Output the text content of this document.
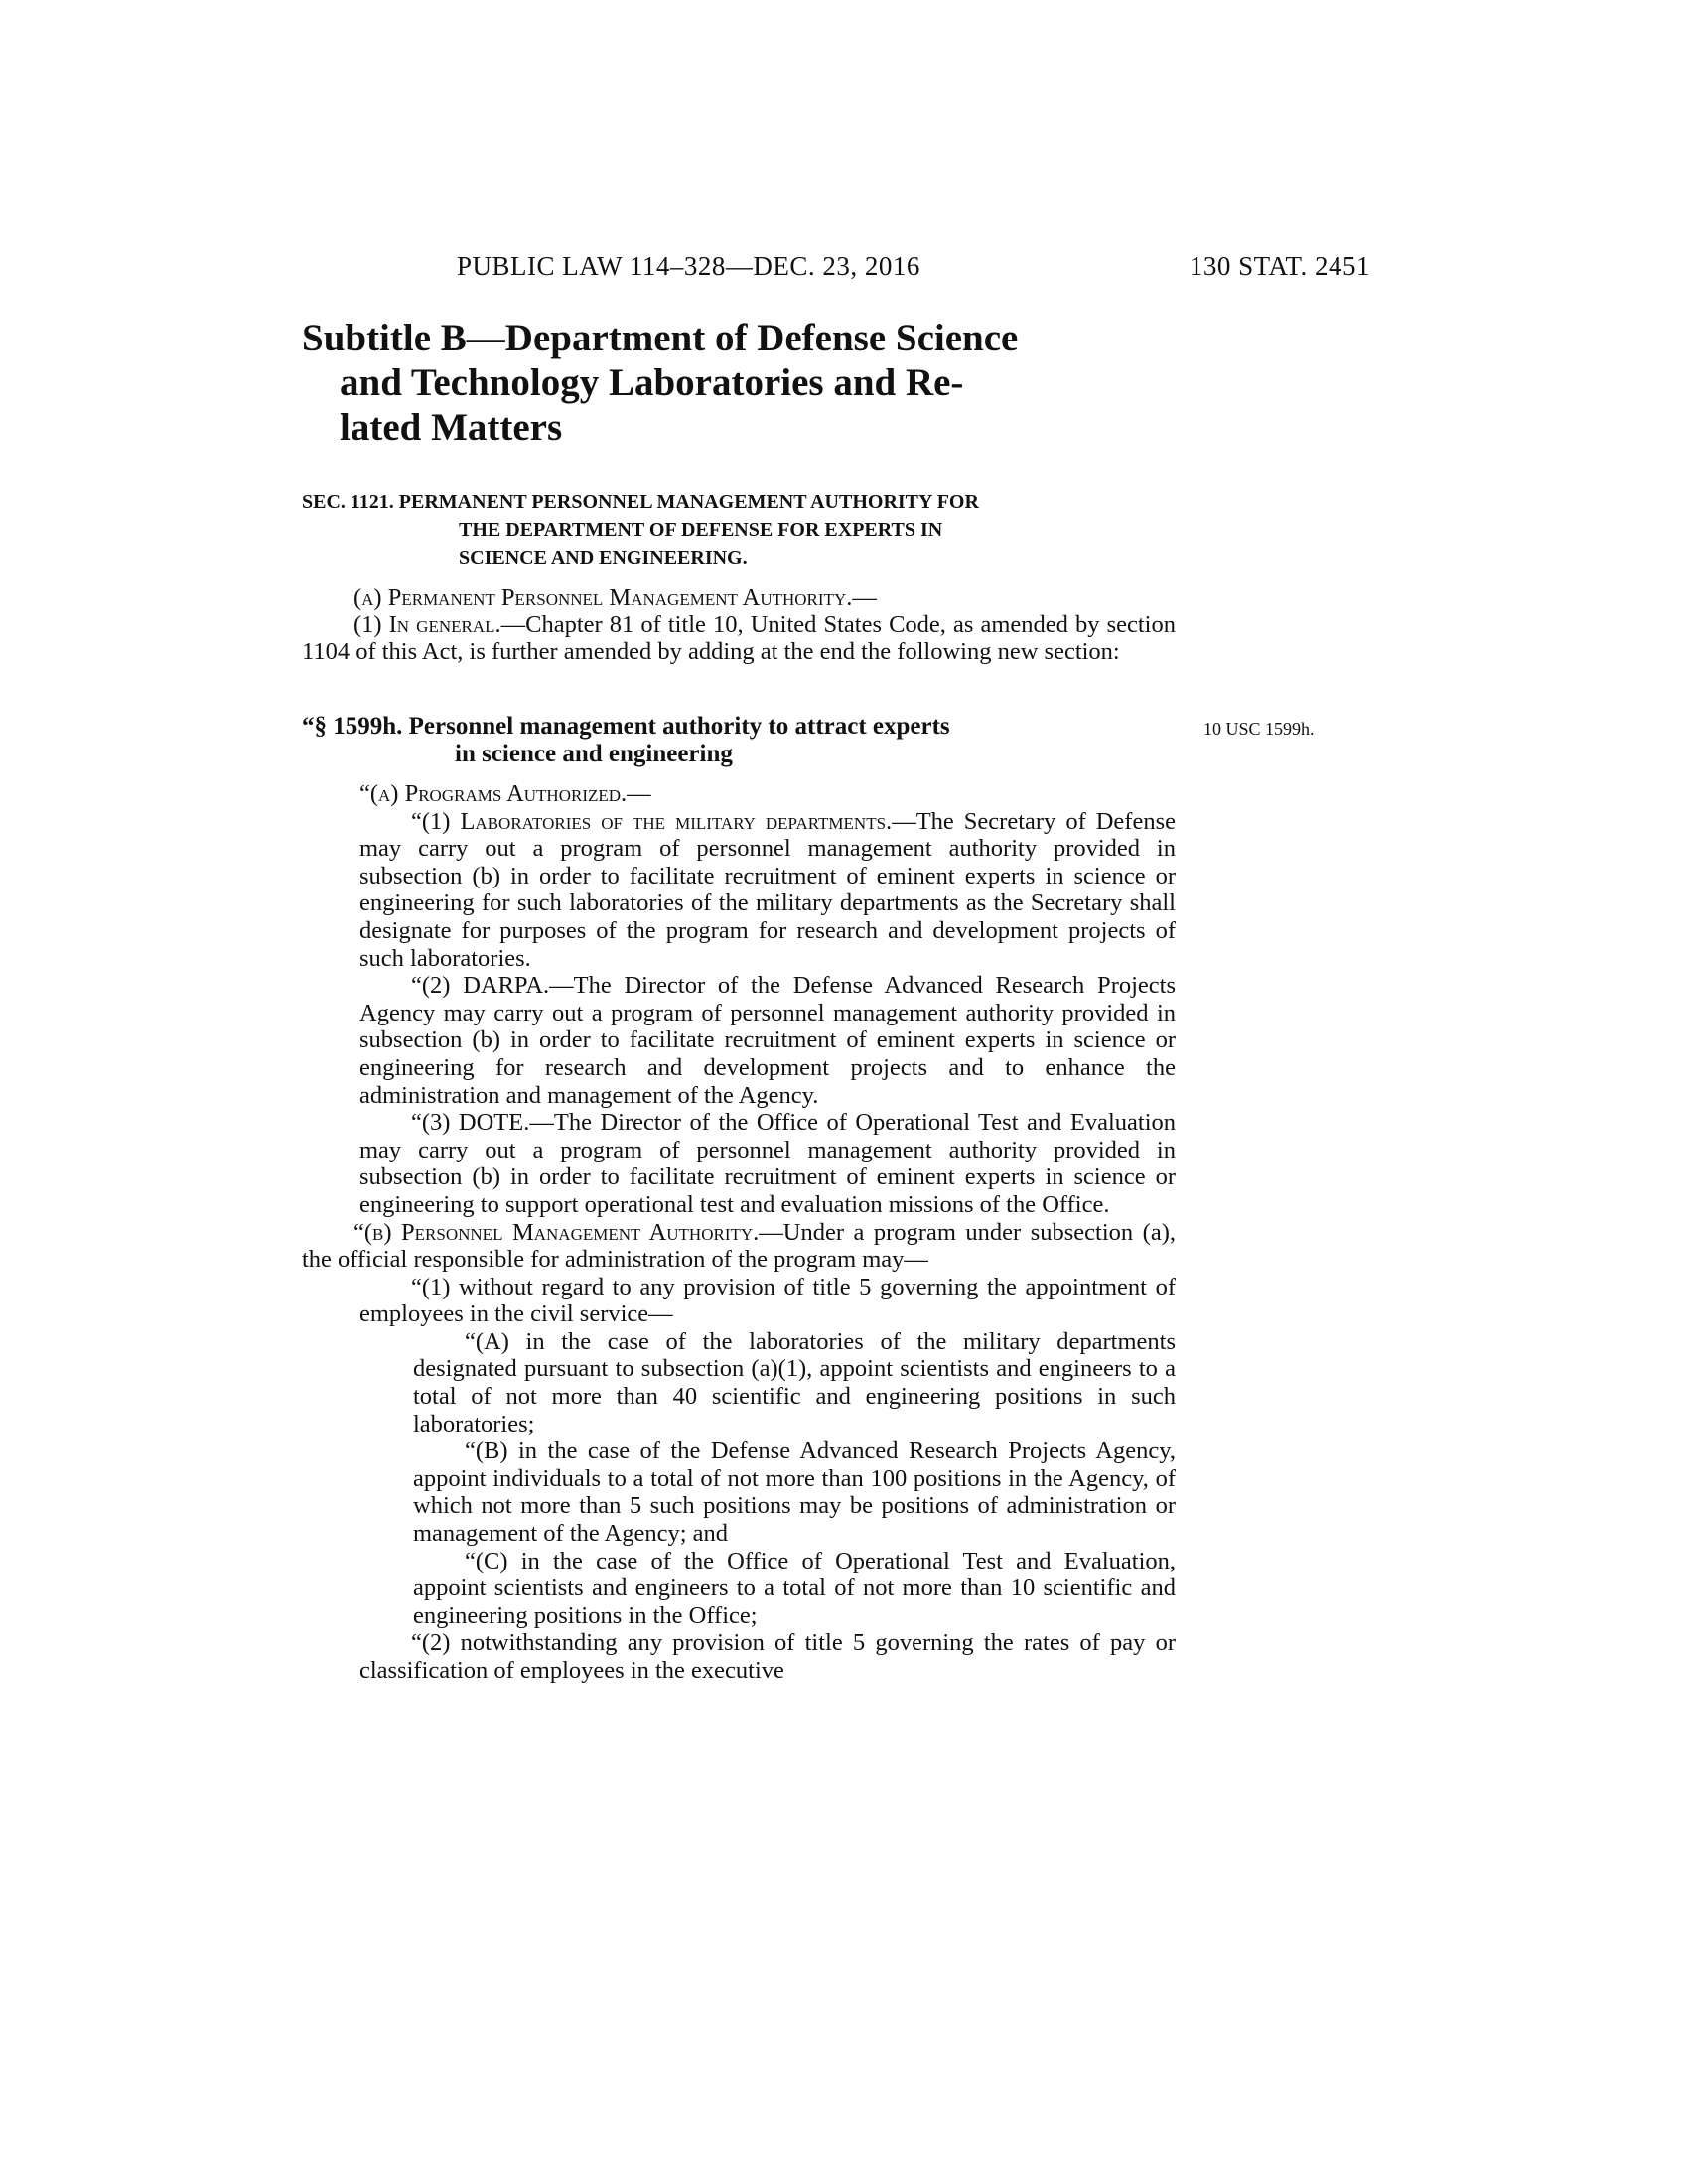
PUBLIC LAW 114–328—DEC. 23, 2016	130 STAT. 2451
Subtitle B—Department of Defense Science
and Technology Laboratories and Re-
lated Matters
SEC. 1121. PERMANENT PERSONNEL MANAGEMENT AUTHORITY FOR
THE DEPARTMENT OF DEFENSE FOR EXPERTS IN
SCIENCE AND ENGINEERING.

(a) Permanent Personnel Management Authority.—

(1) In general.—Chapter 81 of title 10, United States Code, as amended by section 1104 of this Act, is further amended by adding at the end the following new section:

“§ 1599h. Personnel management authority to attract experts
in science and engineering
10 USC 1599h.

“(a) Programs Authorized.—

“(1) Laboratories of the military departments.—The Secretary of Defense may carry out a program of personnel management authority provided in subsection (b) in order to facilitate recruitment of eminent experts in science or engineering for such laboratories of the military departments as the Secretary shall designate for purposes of the program for research and development projects of such laboratories.

“(2) DARPA.—The Director of the Defense Advanced Research Projects Agency may carry out a program of personnel management authority provided in subsection (b) in order to facilitate recruitment of eminent experts in science or engineering for research and development projects and to enhance the administration and management of the Agency.

“(3) DOTE.—The Director of the Office of Operational Test and Evaluation may carry out a program of personnel management authority provided in subsection (b) in order to facilitate recruitment of eminent experts in science or engineering to support operational test and evaluation missions of the Office.

“(b) Personnel Management Authority.—Under a program under subsection (a), the official responsible for administration of the program may—

“(1) without regard to any provision of title 5 governing the appointment of employees in the civil service—

“(A) in the case of the laboratories of the military departments designated pursuant to subsection (a)(1), appoint scientists and engineers to a total of not more than 40 scientific and engineering positions in such laboratories;

“(B) in the case of the Defense Advanced Research Projects Agency, appoint individuals to a total of not more than 100 positions in the Agency, of which not more than 5 such positions may be positions of administration or management of the Agency; and

“(C) in the case of the Office of Operational Test and Evaluation, appoint scientists and engineers to a total of not more than 10 scientific and engineering positions in the Office;

“(2) notwithstanding any provision of title 5 governing the rates of pay or classification of employees in the executive
